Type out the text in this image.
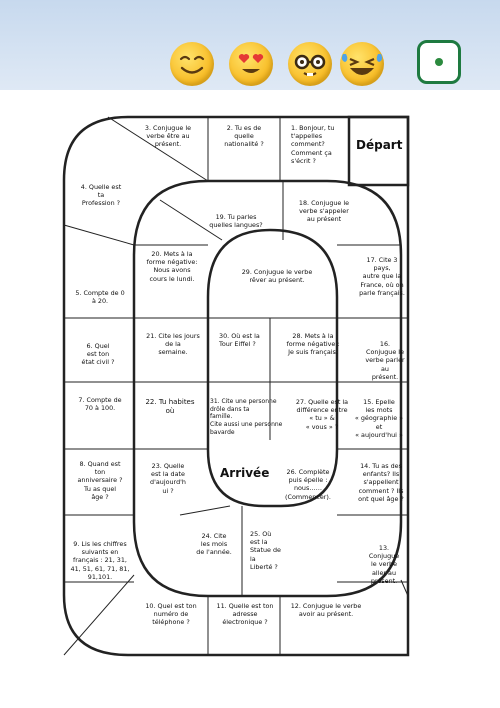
Départ
Arrivée
1. Bonjour, tu
t'appelles
comment?
Comment ça
s'écrit ?
2. Tu es de
quelle
nationalité ?
3. Conjugue le
verbe être au
présent.
4. Quelle est
ta
Profession ?
5. Compte de 0
à 20.
6. Quel
est ton
état civil ?
7. Compte de
70 à 100.
8. Quand est
ton
anniversaire ?
Tu as quel
âge ?
9. Lis les chiffres
suivants en
français : 21, 31,
41, 51, 61, 71, 81,
91,101.
10. Quel est ton
numéro de
téléphone ?
11. Quelle est ton
adresse
électronique ?
12. Conjugue le verbe
avoir au présent.
13.
Conjugue
le verbe
aller au
présent.
14. Tu as des
enfants? Ils
s'appellent
comment ? Ils
ont quel âge ?
15. Epelle
les mots
« géographie »
et
« aujourd'hui »
16. Conjugue le
verbe parler au
présent.
17. Cite 3 pays,
autre que la
France, où on
parle français.
18. Conjugue le
verbe s'appeler
au présent
19. Tu parles
quelles langues?
20. Mets à la
forme négative:
Nous avons
cours le lundi.
21. Cite les jours
de la
semaine.
22. Tu habites
où
23. Quelle
est la date
d'aujourd'h
ui ?
24. Cite
les mois
de l'année.
25. Où
est la
Statue de
la
Liberté ?
26. Complète
puis épelle :
nous……
(Commencer).
27. Quelle est la
différence entre
« tu » &
« vous » ?
28. Mets à la
forme négative :
Je suis français.
29. Conjugue le verbe
rêver au présent.
30. Où est la
Tour Eiffel ?
31. Cite une personne
drôle dans ta
famille.
Cite aussi une personne
bavarde
